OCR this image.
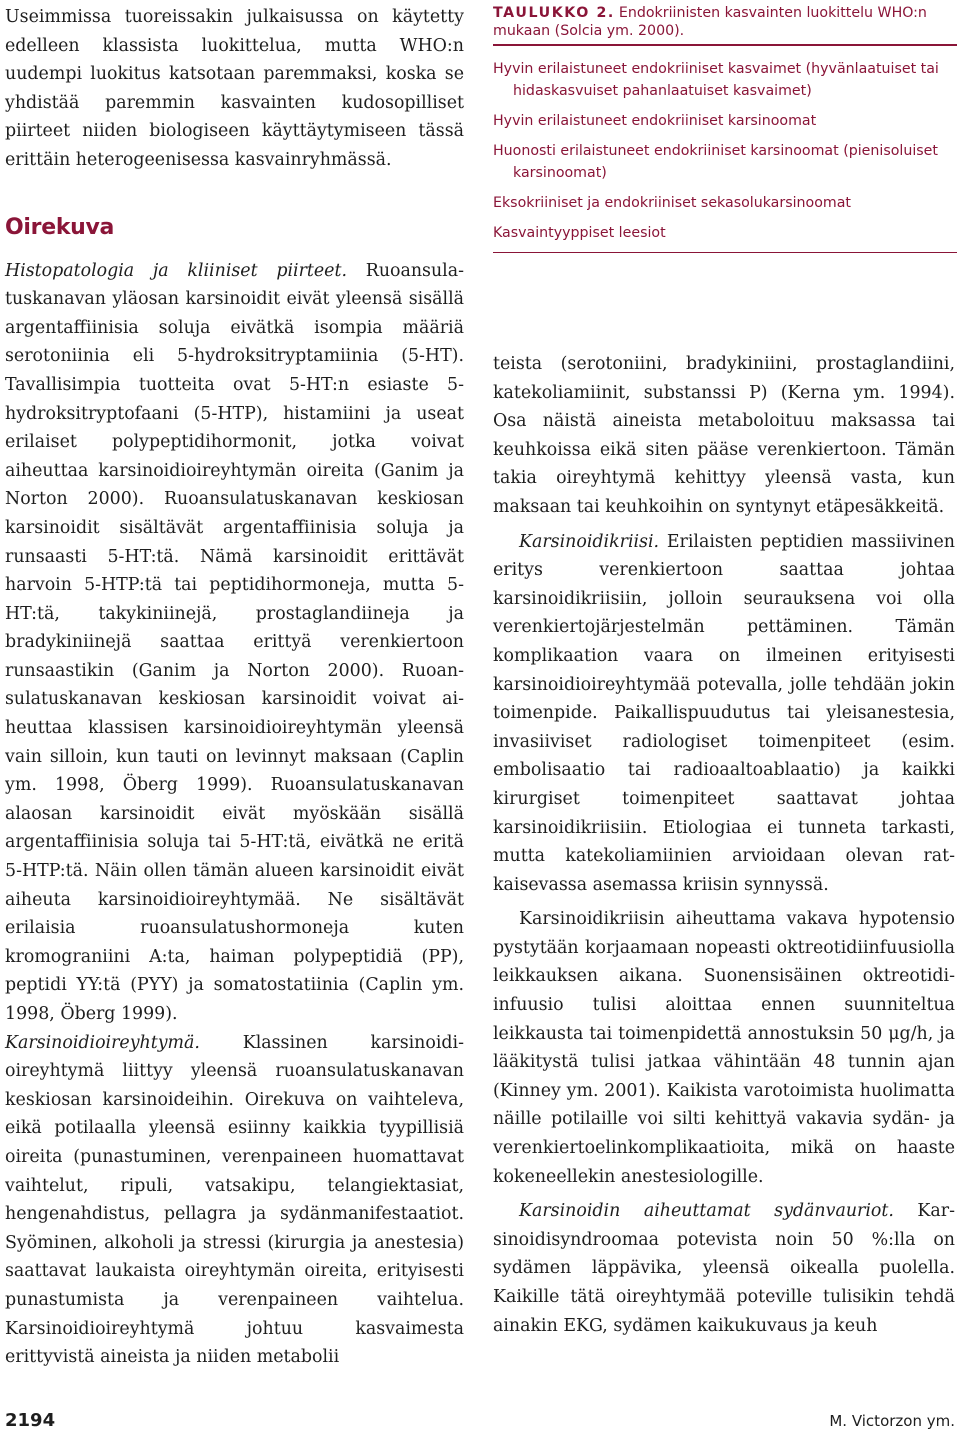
Useimmissa tuoreissakin julkaisussa on käytetty edelleen klassista luokittelua, mutta WHO:n uudempi luokitus katsotaan paremmaksi, koska se yhdistää paremmin kasvainten kudosopilliset piirteet niiden biologiseen käyttäytymiseen tässä erittäin heterogeenisessa kasvainryhmässä.

Oirekuva

Histopatologia ja kliiniset piirteet. Ruoansulatuskanavan yläosan karsinoidit eivät yleensä sisällä argentaffiinisia soluja eivätkä isompia määriä serotoniinia eli 5-hydroksitryptamiinia (5-HT). Tavallisimpia tuotteita ovat 5-HT:n esiaste 5-hydroksitryptofaani (5-HTP), histamiini ja useat erilaiset polypeptidihormonit, jotka voivat aiheuttaa karsinoidioireyhtymän oireita (Ganim ja Norton 2000). Ruoansulatuskanavan keskiosan karsinoidit sisältävät argentaffiinisia soluja ja runsaasti 5-HT:tä. Nämä karsinoidit erittävät harvoin 5-HTP:tä tai peptidihormoneja, mutta 5-HT:tä, takykiniinejä, prostaglandiineja ja bradykiniinejä saattaa erittyä verenkiertoon runsaastikin (Ganim ja Norton 2000). Ruoansulatuskanavan keskiosan karsinoidit voivat aiheuttaa klassisen karsinoidioireyhtymän yleensä vain silloin, kun tauti on levinnyt maksaan (Caplin ym. 1998, Öberg 1999). Ruoansulatuskanavan alaosan karsinoidit eivät myöskään sisällä argentaffiinisia soluja tai 5-HT:tä, eivätkä ne eritä 5-HTP:tä. Näin ollen tämän alueen karsinoidit eivät aiheuta karsinoidioireyhtymää. Ne sisältävät erilaisia ruoansulatushormoneja kuten kromograniini A:ta, haiman polypeptidiä (PP), peptidi YY:tä (PYY) ja somatostatiinia (Caplin ym. 1998, Öberg 1999).

Karsinoidioireyhtymä. Klassinen karsinoidioireyhtymä liittyy yleensä ruoansulatuskanavan keskiosan karsinoideihin. Oirekuva on vaihteleva, eikä potilaalla yleensä esiinny kaikkia tyypillisiä oireita (punastuminen, verenpaineen huomattavat vaihtelut, ripuli, vatsakipu, telangiektasiat, hengenahdistus, pellagra ja sydänmanifestaatiot. Syöminen, alkoholi ja stressi (kirurgia ja anestesia) saattavat laukaista oireyhtymän oireita, erityisesti punastumista ja verenpaineen vaihtelua. Karsinoidioireyhtymä johtuu kasvaimesta erittyvistä aineista ja niiden metabolii

TAULUKKO 2. Endokriinisten kasvainten luokittelu WHO:n mukaan (Solcia ym. 2000).
Hyvin erilaistuneet endokriiniset kasvaimet (hyvänlaatuiset tai hidaskasvuiset pahanlaatuiset kasvaimet)
Hyvin erilaistuneet endokriiniset karsinoomat
Huonosti erilaistuneet endokriiniset karsinoomat (pienisoluiset karsinoomat)
Eksokriiniset ja endokriiniset sekasolukarsinoomat
Kasvaintyyppiset leesiot

teista (serotoniini, bradykiniini, prostaglandiini, katekoliamiinit, substanssi P) (Kerna ym. 1994). Osa näistä aineista metaboloituu maksassa tai keuhkoissa eikä siten pääse verenkiertoon. Tämän takia oireyhtymä kehittyy yleensä vasta, kun maksaan tai keuhkoihin on syntynyt etäpesäkkeitä.

Karsinoidikriisi. Erilaisten peptidien massiivinen eritys verenkiertoon saattaa johtaa karsinoidikriisiin, jolloin seurauksena voi olla verenkiertojärjestelmän pettäminen. Tämän komplikaation vaara on ilmeinen erityisesti karsinoidioireyhtymää potevalla, jolle tehdään jokin toimenpide. Paikallispuudutus tai yleisanestesia, invasiiviset radiologiset toimenpiteet (esim. embolisaatio tai radioaaltoablaatio) ja kaikki kirurgiset toimenpiteet saattavat johtaa karsinoidikriisiin. Etiologiaa ei tunneta tarkasti, mutta katekoliamiinien arvioidaan olevan ratkaisevassa asemassa kriisin synnyssä.

Karsinoidikriisin aiheuttama vakava hypotensio pystytään korjaamaan nopeasti oktreotidiinfuusiolla leikkauksen aikana. Suonensisäinen oktreotidi-infuusio tulisi aloittaa ennen suunniteltua leikkausta tai toimenpidettä annostuksin 50 μg/h, ja lääkitystä tulisi jatkaa vähintään 48 tunnin ajan (Kinney ym. 2001). Kaikista varotoimista huolimatta näille potilaille voi silti kehittyä vakavia sydän- ja verenkiertoelinkomplikaatioita, mikä on haaste kokeneellekin anestesiologille.

Karsinoidin aiheuttamat sydänvauriot. Karsinoidisyndroomaa potevista noin 50 %:lla on sydämen läppävika, yleensä oikealla puolella. Kaikille tätä oireyhtymää poteville tulisikin tehdä ainakin EKG, sydämen kaikukuvaus ja keuh

2194	M. Victorzon ym.
